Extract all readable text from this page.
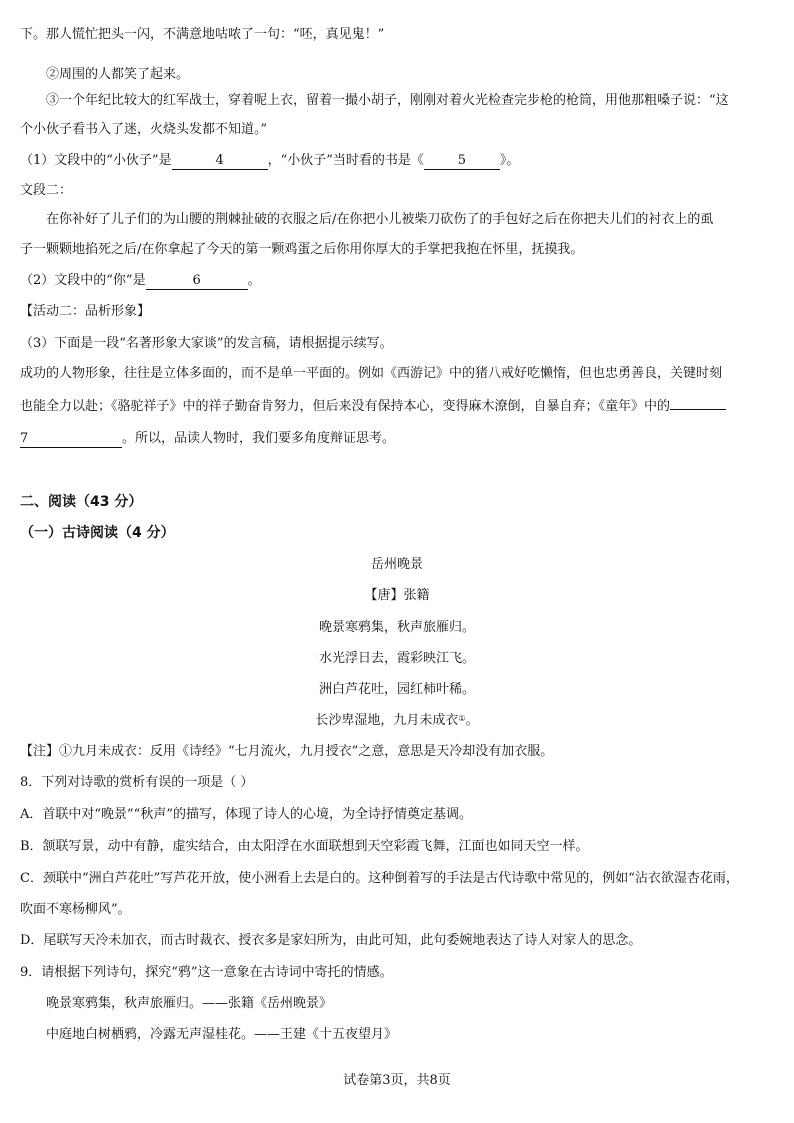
下。那人慌忙把头一闪，不满意地咕哝了一句：“呸，真见鬼！”
②周围的人都笑了起来。
③一个年纪比较大的红军战士，穿着呢上衣，留着一撮小胡子，刚刚对着火光检查完步枪的枪筒，用他那粗嗓子说：“这
个小伙子看书入了迷，火烧头发都不知道。”
（1）文段中的“小伙子”是	4	，“小伙子”当时看的书是《	5	》。
文段二：
在你补好了儿子们的为山腰的荆棘扯破的衣服之后/在你把小儿被柴刀砍伤了的手包好之后在你把夫儿们的衬衣上的虱
子一颗颗地掐死之后/在你拿起了今天的第一颗鸡蛋之后你用你厚大的手掌把我抱在怀里，抚摸我。
（2）文段中的“你”是	6	。
【活动二：品析形象】
（3）下面是一段“名著形象大家谈”的发言稿，请根据提示续写。
成功的人物形象，往往是立体多面的，而不是单一平面的。例如《西游记》中的猪八戒好吃懒惰，但也忠勇善良，关键时刻
也能全力以赴；《骆驼祥子》中的祥子勤奋肯努力，但后来没有保持本心，变得麻木潦倒，自暴自弃；《童年》中的
7	。所以，品读人物时，我们要多角度辩证思考。
二、阅读（43 分）
（一）古诗阅读（4 分）
岳州晚景
【唐】张籍
晚景寒鸦集，秋声旅雁归。
水光浮日去，霞彩映江飞。
洲白芦花吐，园红柿叶稀。
长沙卑湿地，九月未成衣①。
【注】①九月未成衣：反用《诗经》“七月流火，九月授衣”之意，意思是天冷却没有加衣服。
8．下列对诗歌的赏析有误的一项是（ ）
A．首联中对“晚景”“秋声”的描写，体现了诗人的心境，为全诗抒情奠定基调。
B．颔联写景，动中有静，虚实结合，由太阳浮在水面联想到天空彩霞飞舞，江面也如同天空一样。
C．颈联中“洲白芦花吐”写芦花开放，使小洲看上去是白的。这种倒着写的手法是古代诗歌中常见的，例如“沾衣欲湿杏花雨，
吹面不寒杨柳风”。
D．尾联写天冷未加衣，而古时裁衣、授衣多是家妇所为，由此可知，此句委婉地表达了诗人对家人的思念。
9．请根据下列诗句，探究“鸦”这一意象在古诗词中寄托的情感。
晚景寒鸦集，秋声旅雁归。——张籍《岳州晚景》
中庭地白树栖鸦，冷露无声湿桂花。——王建《十五夜望月》
试卷第3页，共8页
